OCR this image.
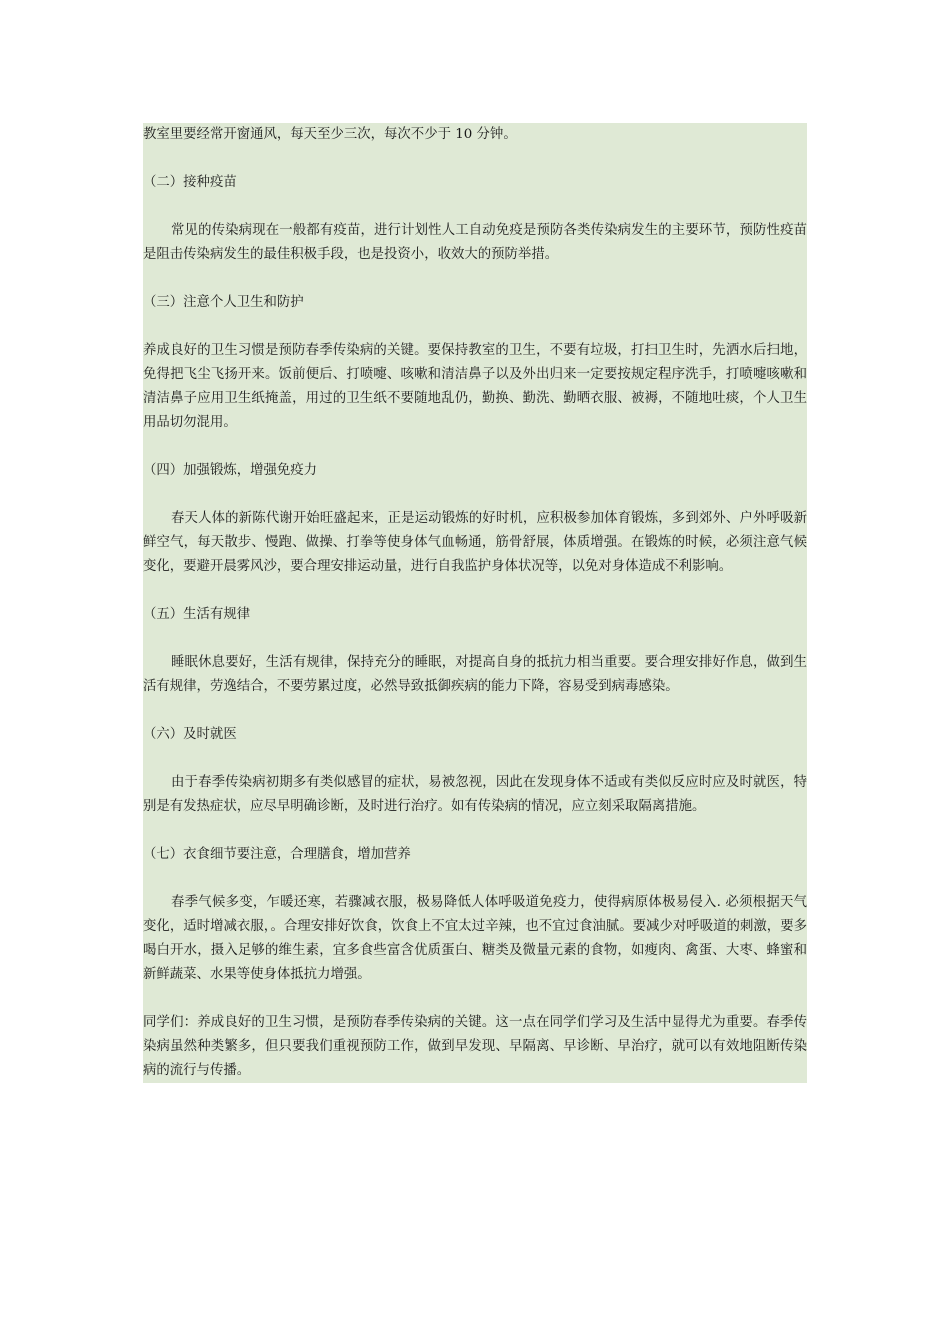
教室里要经常开窗通风，每天至少三次，每次不少于 10 分钟。

（二）接种疫苗

常见的传染病现在一般都有疫苗，进行计划性人工自动免疫是预防各类传染病发生的主要环节，预防性疫苗是阻击传染病发生的最佳积极手段，也是投资小，收效大的预防举措。

（三）注意个人卫生和防护

养成良好的卫生习惯是预防春季传染病的关键。要保持教室的卫生，不要有垃圾，打扫卫生时，先洒水后扫地，免得把飞尘飞扬开来。饭前便后、打喷嚏、咳嗽和清洁鼻子以及外出归来一定要按规定程序洗手，打喷嚏咳嗽和清洁鼻子应用卫生纸掩盖，用过的卫生纸不要随地乱仍，勤换、勤洗、勤晒衣服、被褥，不随地吐痰，个人卫生用品切勿混用。

（四）加强锻炼，增强免疫力

春天人体的新陈代谢开始旺盛起来，正是运动锻炼的好时机，应积极参加体育锻炼，多到郊外、户外呼吸新鲜空气，每天散步、慢跑、做操、打拳等使身体气血畅通，筋骨舒展，体质增强。在锻炼的时候，必须注意气候变化，要避开晨雾风沙，要合理安排运动量，进行自我监护身体状况等，以免对身体造成不利影响。

（五）生活有规律

睡眠休息要好，生活有规律，保持充分的睡眠，对提高自身的抵抗力相当重要。要合理安排好作息，做到生活有规律，劳逸结合，不要劳累过度，必然导致抵御疾病的能力下降，容易受到病毒感染。

（六）及时就医

由于春季传染病初期多有类似感冒的症状，易被忽视，因此在发现身体不适或有类似反应时应及时就医，特别是有发热症状，应尽早明确诊断，及时进行治疗。如有传染病的情况，应立刻采取隔离措施。

（七）衣食细节要注意，合理膳食，增加营养

春季气候多变，乍暖还寒，若骤减衣服，极易降低人体呼吸道免疫力，使得病原体极易侵入. 必须根据天气变化，适时增减衣服，。合理安排好饮食，饮食上不宜太过辛辣，也不宜过食油腻。要减少对呼吸道的刺激，要多喝白开水，摄入足够的维生素，宜多食些富含优质蛋白、糖类及微量元素的食物，如瘦肉、禽蛋、大枣、蜂蜜和新鲜蔬菜、水果等使身体抵抗力增强。

同学们：养成良好的卫生习惯，是预防春季传染病的关键。这一点在同学们学习及生活中显得尤为重要。春季传染病虽然种类繁多，但只要我们重视预防工作，做到早发现、早隔离、早诊断、早治疗，就可以有效地阻断传染病的流行与传播。
